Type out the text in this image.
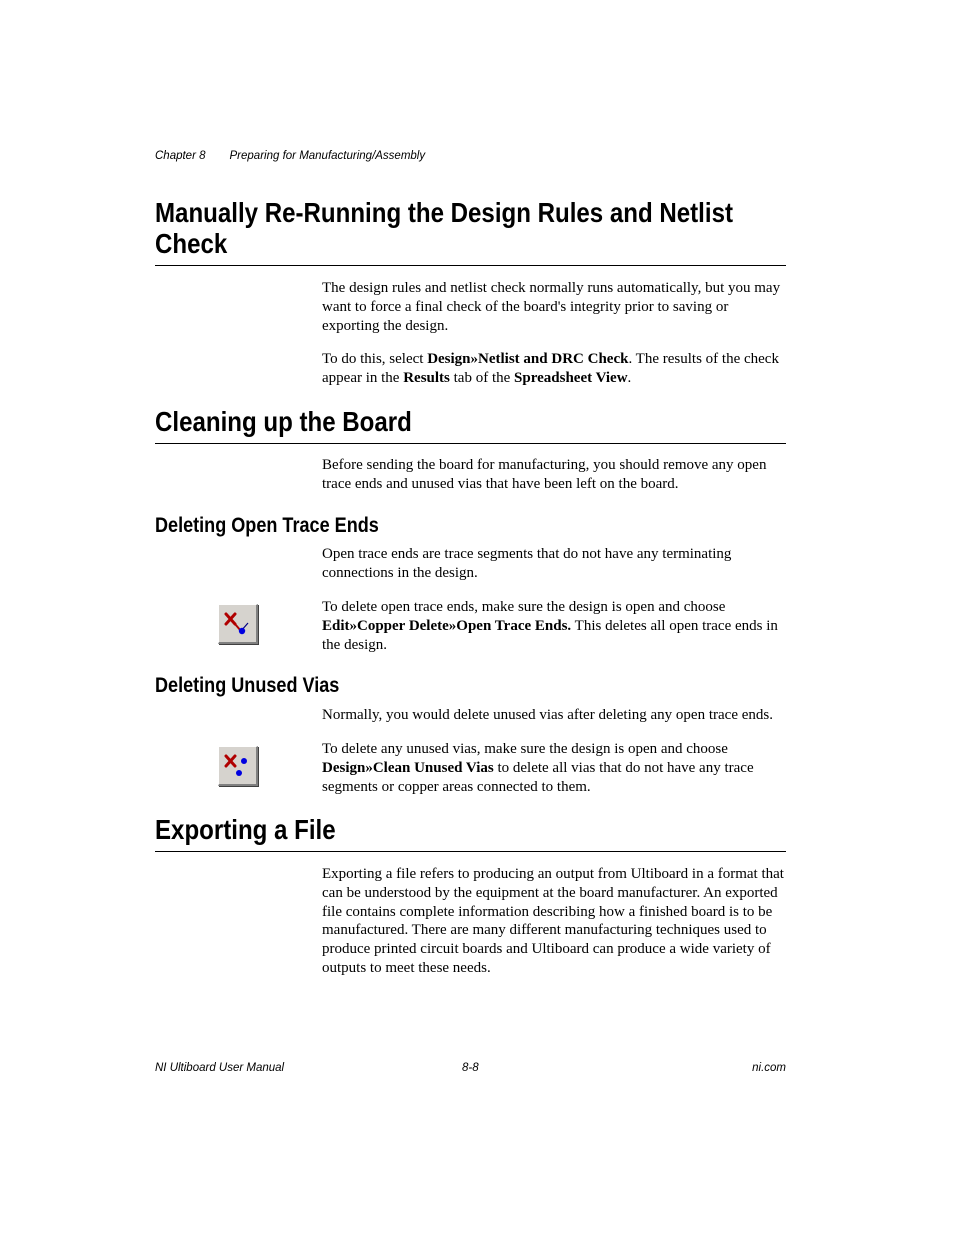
Chapter 8 Preparing for Manufacturing/Assembly
Manually Re-Running the Design Rules and Netlist
Check

The design rules and netlist check normally runs automatically, but you may want to force a final check of the board's integrity prior to saving or exporting the design.

To do this, select Design»Netlist and DRC Check. The results of the check appear in the Results tab of the Spreadsheet View.

Cleaning up the Board

Before sending the board for manufacturing, you should remove any open trace ends and unused vias that have been left on the board.

Deleting Open Trace Ends

Open trace ends are trace segments that do not have any terminating connections in the design.

To delete open trace ends, make sure the design is open and choose Edit»Copper Delete»Open Trace Ends. This deletes all open trace ends in the design.

Deleting Unused Vias

Normally, you would delete unused vias after deleting any open trace ends.

To delete any unused vias, make sure the design is open and choose Design»Clean Unused Vias to delete all vias that do not have any trace segments or copper areas connected to them.

Exporting a File

Exporting a file refers to producing an output from Ultiboard in a format that can be understood by the equipment at the board manufacturer. An exported file contains complete information describing how a finished board is to be manufactured. There are many different manufacturing techniques used to produce printed circuit boards and Ultiboard can produce a wide variety of outputs to meet these needs.

NI Ultiboard User Manual	8-8	ni.com
